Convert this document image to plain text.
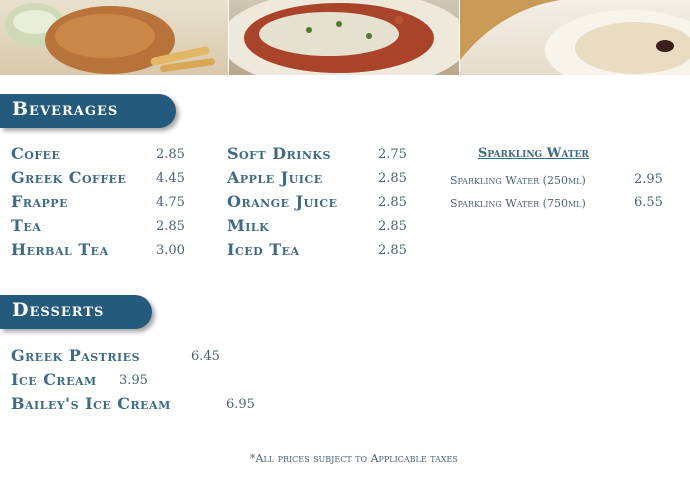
Beverages
Cofee	2.85
Greek Coffee 4.45
Frappe	4.75
Tea	2.85
Herbal Tea	3.00
Soft Drinks	2.75
Apple Juice	2.85
Orange Juice	2.85
Milk	2.85
Iced Tea	2.85
Sparkling Water
Sparkling Water (250ml)	2.95
Sparkling Water (750ml)	6.55
Desserts
Greek Pastries	6.45
Ice Cream 3.95
Bailey's Ice Cream	6.95
*All prices subject to Applicable taxes
